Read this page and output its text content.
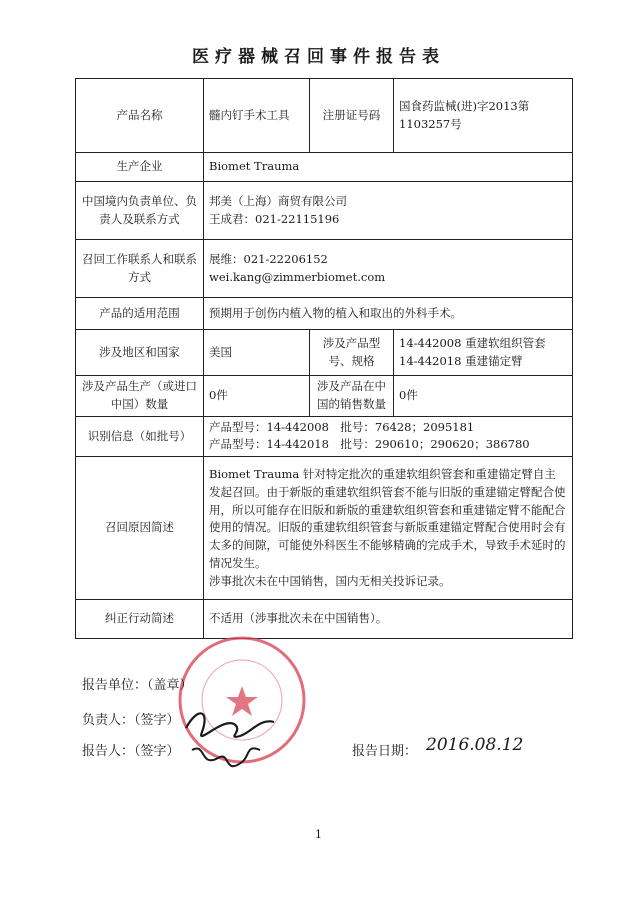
医疗器械召回事件报告表
产品名称	髓内钉手术工具	注册证号码	国食药监械(进)字2013第1103257号
生产企业	Biomet Trauma		
中国境内负责单位、负责人及联系方式	邦美（上海）商贸有限公司
王成君：021-22115196		

召回工作联系人和联系方式	展维：021-22206152
wei.kang@zimmerbiomet.com		

产品的适用范围	预期用于创伤内植入物的植入和取出的外科手术。		
涉及地区和国家	美国	涉及产品型号、规格	14-442008 重建软组织管套
14-442018 重建锚定臂

涉及产品生产（或进口中国）数量	0件	涉及产品在中国的销售数量	0件
识别信息（如批号）	产品型号：14-442008　批号：76428；2095181
产品型号：14-442018　批号：290610；290620；386780		

召回原因简述	Biomet Trauma 针对特定批次的重建软组织管套和重建锚定臂自主发起召回。由于新版的重建软组织管套不能与旧版的重建锚定臂配合使用，所以可能存在旧版和新版的重建软组织管套和重建锚定臂不能配合使用的情况。旧版的重建软组织管套与新版重建锚定臂配合使用时会有太多的间隙，可能使外科医生不能够精确的完成手术，导致手术延时的情况发生。
涉事批次未在中国销售，国内无相关投诉记录。		

纠正行动简述	不适用（涉事批次未在中国销售）。		
报告单位：（盖章）
负责人：（签字）
报告人：（签字）	报告日期： 2016.08.12
1
